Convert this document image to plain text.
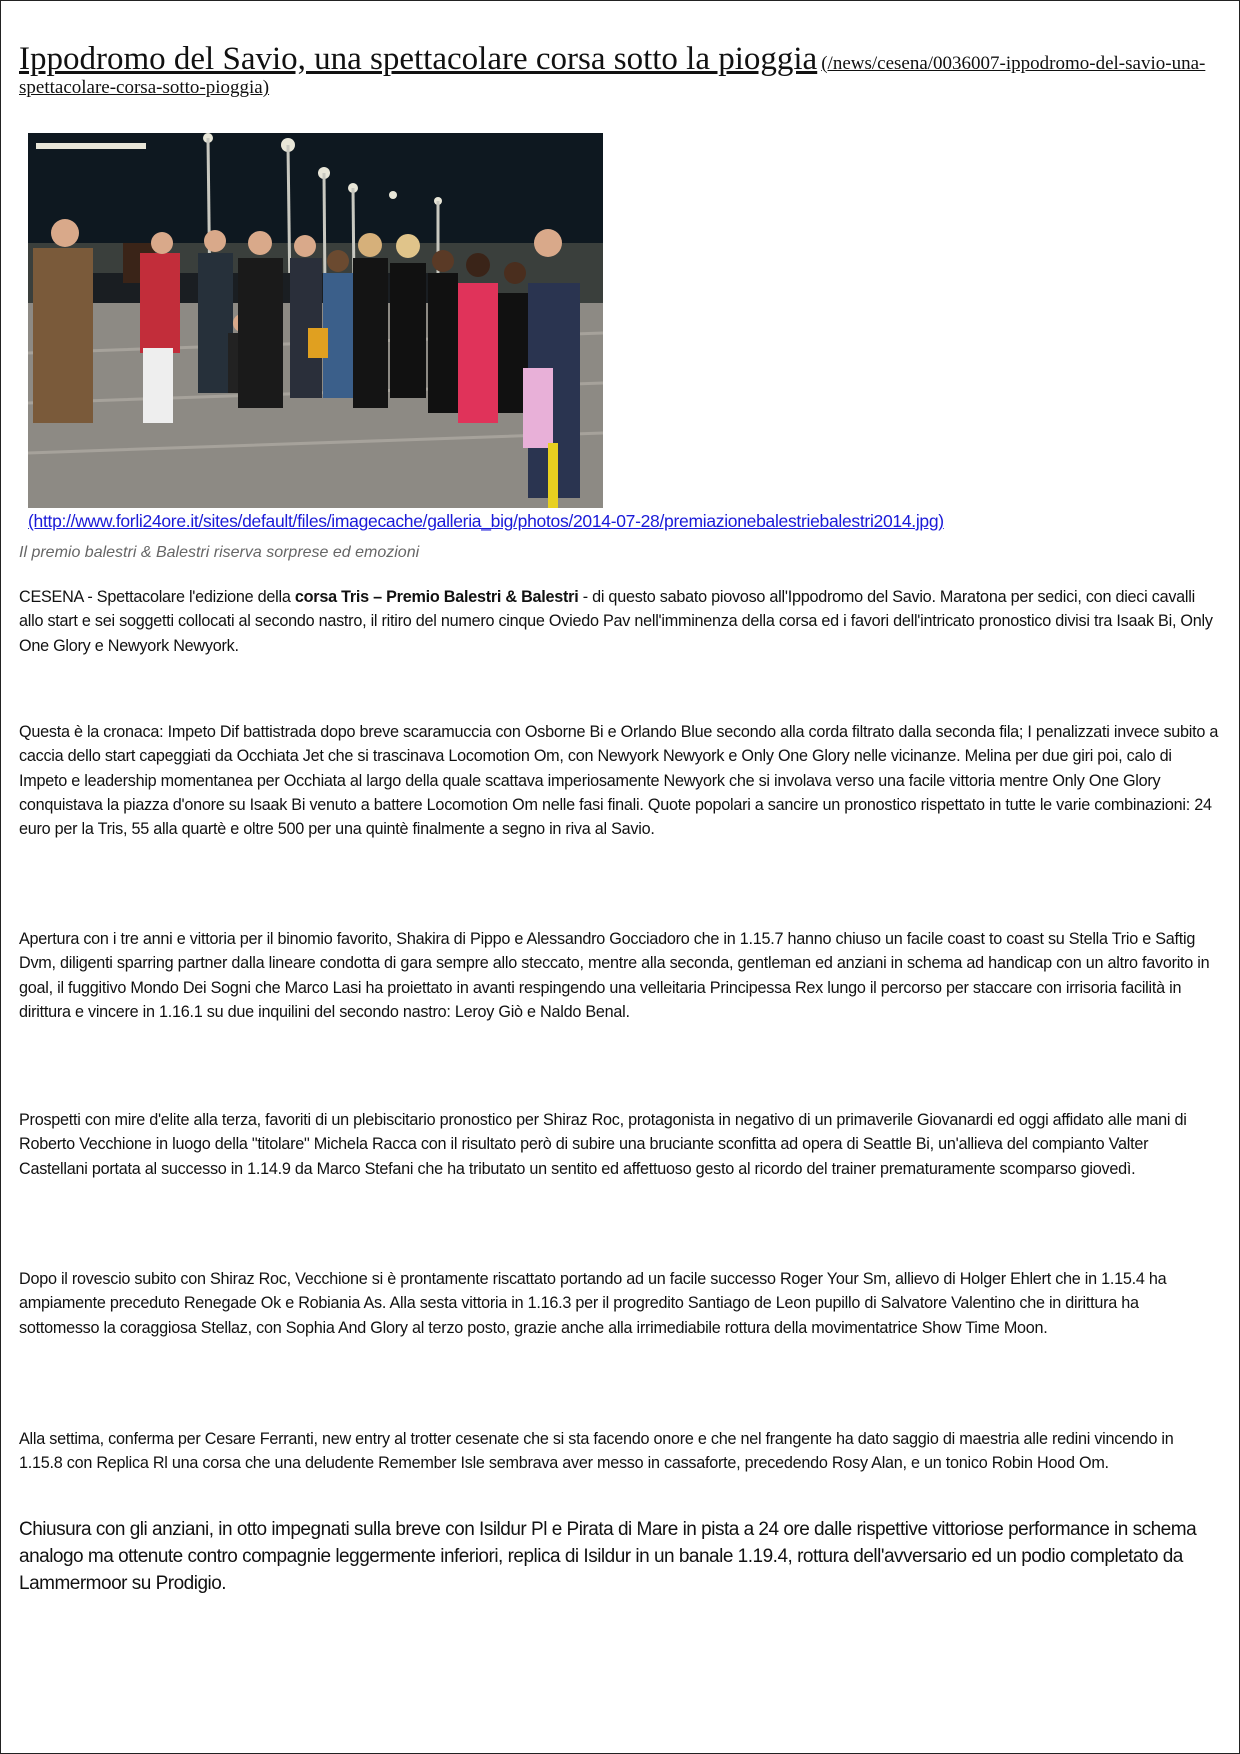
Ippodromo del Savio, una spettacolare corsa sotto la pioggia (/news/cesena/0036007-ippodromo-del-savio-una-spettacolare-corsa-sotto-pioggia)
(http://www.forli24ore.it/sites/default/files/imagecache/galleria_big/photos/2014-07-28/premiazionebalestriebalestri2014.jpg)
Il premio balestri & Balestri riserva sorprese ed emozioni
CESENA - Spettacolare l'edizione della corsa Tris – Premio Balestri & Balestri - di questo sabato piovoso all'Ippodromo del Savio. Maratona per sedici, con dieci cavalli allo start e sei soggetti collocati al secondo nastro, il ritiro del numero cinque Oviedo Pav nell'imminenza della corsa ed i favori dell'intricato pronostico divisi tra Isaak Bi, Only One Glory e Newyork Newyork.
Questa è la cronaca: Impeto Dif battistrada dopo breve scaramuccia con Osborne Bi e Orlando Blue secondo alla corda filtrato dalla seconda fila; I penalizzati invece subito a caccia dello start capeggiati da Occhiata Jet che si trascinava Locomotion Om, con Newyork Newyork e Only One Glory nelle vicinanze. Melina per due giri poi, calo di Impeto e leadership momentanea per Occhiata al largo della quale scattava imperiosamente Newyork che si involava verso una facile vittoria mentre Only One Glory conquistava la piazza d'onore su Isaak Bi venuto a battere Locomotion Om nelle fasi finali. Quote popolari a sancire un pronostico rispettato in tutte le varie combinazioni: 24 euro per la Tris, 55 alla quartè e oltre 500 per una quintè finalmente a segno in riva al Savio.
Apertura con i tre anni e vittoria per il binomio favorito, Shakira di Pippo e Alessandro Gocciadoro che in 1.15.7 hanno chiuso un facile coast to coast su Stella Trio e Saftig Dvm, diligenti sparring partner dalla lineare condotta di gara sempre allo steccato, mentre alla seconda, gentleman ed anziani in schema ad handicap con un altro favorito in goal, il fuggitivo Mondo Dei Sogni che Marco Lasi ha proiettato in avanti respingendo una velleitaria Principessa Rex lungo il percorso per staccare con irrisoria facilità in dirittura e vincere in 1.16.1 su due inquilini del secondo nastro: Leroy Giò e Naldo Benal.
Prospetti con mire d'elite alla terza, favoriti di un plebiscitario pronostico per Shiraz Roc, protagonista in negativo di un primaverile Giovanardi ed oggi affidato alle mani di Roberto Vecchione in luogo della "titolare" Michela Racca con il risultato però di subire una bruciante sconfitta ad opera di Seattle Bi, un'allieva del compianto Valter Castellani portata al successo in 1.14.9 da Marco Stefani che ha tributato un sentito ed affettuoso gesto al ricordo del trainer prematuramente scomparso giovedì.
Dopo il rovescio subito con Shiraz Roc, Vecchione si è prontamente riscattato portando ad un facile successo Roger Your Sm, allievo di Holger Ehlert che in 1.15.4 ha ampiamente preceduto Renegade Ok e Robiania As. Alla sesta vittoria in 1.16.3 per il progredito Santiago de Leon pupillo di Salvatore Valentino che in dirittura ha sottomesso la coraggiosa Stellaz, con Sophia And Glory al terzo posto, grazie anche alla irrimediabile rottura della movimentatrice Show Time Moon.
Alla settima, conferma per Cesare Ferranti, new entry al trotter cesenate che si sta facendo onore e che nel frangente ha dato saggio di maestria alle redini vincendo in 1.15.8 con Replica Rl una corsa che una deludente Remember Isle sembrava aver messo in cassaforte, precedendo Rosy Alan, e un tonico Robin Hood Om.
Chiusura con gli anziani, in otto impegnati sulla breve con Isildur Pl e Pirata di Mare in pista a 24 ore dalle rispettive vittoriose performance in schema analogo ma ottenute contro compagnie leggermente inferiori, replica di Isildur in un banale 1.19.4, rottura dell'avversario ed un podio completato da Lammermoor su Prodigio.
